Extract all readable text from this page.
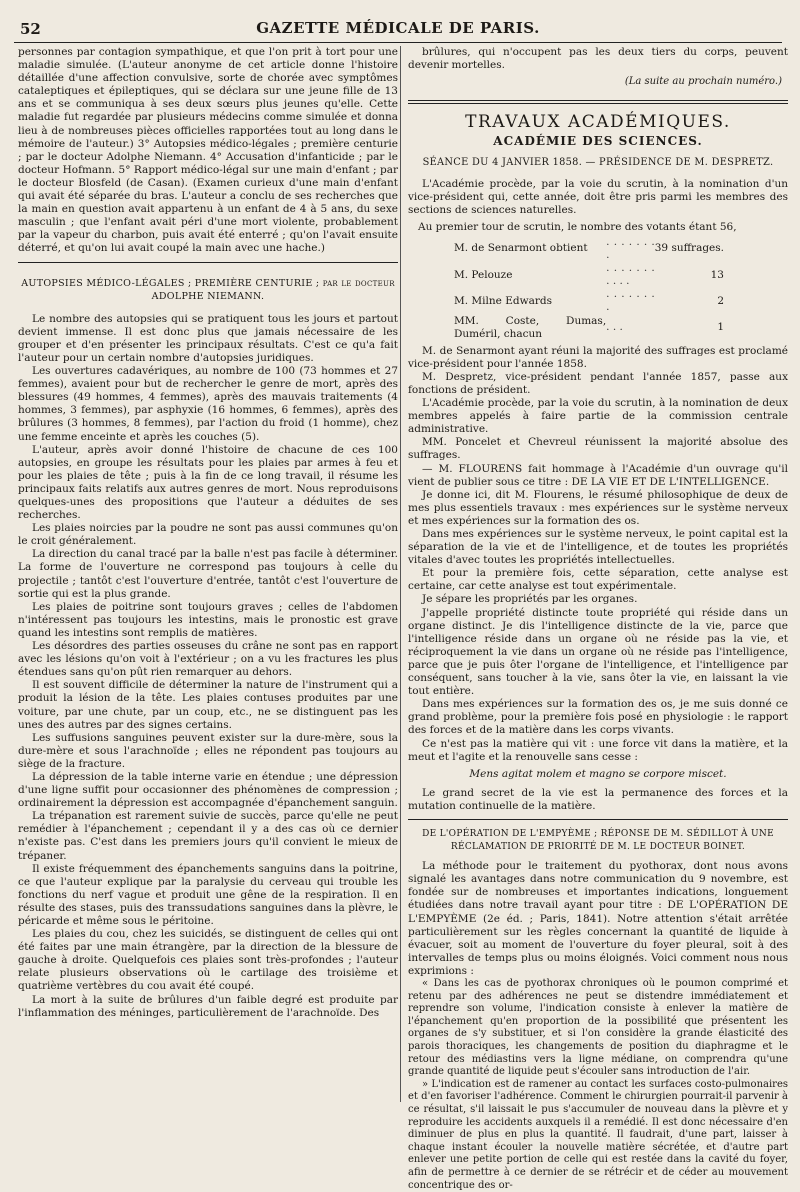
52	GAZETTE MÉDICALE DE PARIS.

personnes par contagion sympathique, et que l'on prit à tort pour une maladie simulée. (L'auteur anonyme de cet article donne l'histoire détaillée d'une affection convulsive, sorte de chorée avec symptômes cataleptiques et épileptiques, qui se déclara sur une jeune fille de 13 ans et se communiqua à ses deux sœurs plus jeunes qu'elle. Cette maladie fut regardée par plusieurs médecins comme simulée et donna lieu à de nombreuses pièces officielles rapportées tout au long dans le mémoire de l'auteur.) 3° Autopsies médico-légales ; première centurie ; par le docteur Adolphe Niemann. 4° Accusation d'infanticide ; par le docteur Hofmann. 5° Rapport médico-légal sur une main d'enfant ; par le docteur Blosfeld (de Casan). (Examen curieux d'une main d'enfant qui avait été séparée du bras. L'auteur a conclu de ses recherches que la main en question avait appartenu à un enfant de 4 à 5 ans, du sexe masculin ; que l'enfant avait péri d'une mort violente, probablement par la vapeur du charbon, puis avait été enterré ; qu'on l'avait ensuite déterré, et qu'on lui avait coupé la main avec une hache.)

AUTOPSIES MÉDICO-LÉGALES ; PREMIÈRE CENTURIE ; par le docteur ADOLPHE NIEMANN.

Le nombre des autopsies qui se pratiquent tous les jours et partout devient immense. Il est donc plus que jamais nécessaire de les grouper et d'en présenter les principaux résultats. C'est ce qu'a fait l'auteur pour un certain nombre d'autopsies juridiques.

Les ouvertures cadavériques, au nombre de 100 (73 hommes et 27 femmes), avaient pour but de rechercher le genre de mort, après des blessures (49 hommes, 4 femmes), après des mauvais traitements (4 hommes, 3 femmes), par asphyxie (16 hommes, 6 femmes), après des brûlures (3 hommes, 8 femmes), par l'action du froid (1 homme), chez une femme enceinte et après les couches (5).

L'auteur, après avoir donné l'histoire de chacune de ces 100 autopsies, en groupe les résultats pour les plaies par armes à feu et pour les plaies de tête ; puis à la fin de ce long travail, il résume les principaux faits relatifs aux autres genres de mort. Nous reproduisons quelques-unes des propositions que l'auteur a déduites de ses recherches.

Les plaies noircies par la poudre ne sont pas aussi communes qu'on le croit généralement.

La direction du canal tracé par la balle n'est pas facile à déterminer. La forme de l'ouverture ne correspond pas toujours à celle du projectile ; tantôt c'est l'ouverture d'entrée, tantôt c'est l'ouverture de sortie qui est la plus grande.

Les plaies de poitrine sont toujours graves ; celles de l'abdomen n'intéressent pas toujours les intestins, mais le pronostic est grave quand les intestins sont remplis de matières.

Les désordres des parties osseuses du crâne ne sont pas en rapport avec les lésions qu'on voit à l'extérieur ; on a vu les fractures les plus étendues sans qu'on pût rien remarquer au dehors.

Il est souvent difficile de déterminer la nature de l'instrument qui a produit la lésion de la tête. Les plaies contuses produites par une voiture, par une chute, par un coup, etc., ne se distinguent pas les unes des autres par des signes certains.

Les suffusions sanguines peuvent exister sur la dure-mère, sous la dure-mère et sous l'arachnoïde ; elles ne répondent pas toujours au siège de la fracture.

La dépression de la table interne varie en étendue ; une dépression d'une ligne suffit pour occasionner des phénomènes de compression ; ordinairement la dépression est accompagnée d'épanchement sanguin.

La trépanation est rarement suivie de succès, parce qu'elle ne peut remédier à l'épanchement ; cependant il y a des cas où ce dernier n'existe pas. C'est dans les premiers jours qu'il convient le mieux de trépaner.

Il existe fréquemment des épanchements sanguins dans la poitrine, ce que l'auteur explique par la paralysie du cerveau qui trouble les fonctions du nerf vague et produit une gêne de la respiration. Il en résulte des stases, puis des transsudations sanguines dans la plèvre, le péricarde et même sous le péritoine.

Les plaies du cou, chez les suicidés, se distinguent de celles qui ont été faites par une main étrangère, par la direction de la blessure de gauche à droite. Quelquefois ces plaies sont très-profondes ; l'auteur relate plusieurs observations où le cartilage des troisième et quatrième vertèbres du cou avait été coupé.

La mort à la suite de brûlures d'un faible degré est produite par l'inflammation des méninges, particulièrement de l'arachnoïde. Des

brûlures, qui n'occupent pas les deux tiers du corps, peuvent devenir mortelles.

(La suite au prochain numéro.)

TRAVAUX ACADÉMIQUES.

ACADÉMIE DES SCIENCES.

SÉANCE DU 4 JANVIER 1858. — PRÉSIDENCE DE M. DESPRETZ.

L'Académie procède, par la voie du scrutin, à la nomination d'un vice-président qui, cette année, doit être pris parmi les membres des sections de sciences naturelles.

Au premier tour de scrutin, le nombre des votants étant 56,

M. de Senarmont obtient	. . . . . . . .	39 suffrages.
M. Pelouze	. . . . . . . . . . .	13
M. Milne Edwards	. . . . . . . .	2
MM. Coste, Dumas, Duméril, chacun	. . .	1

M. de Senarmont ayant réuni la majorité des suffrages est proclamé vice-président pour l'année 1858.

M. Despretz, vice-président pendant l'année 1857, passe aux fonctions de président.

L'Académie procède, par la voie du scrutin, à la nomination de deux membres appelés à faire partie de la commission centrale administrative.

MM. Poncelet et Chevreul réunissent la majorité absolue des suffrages.

— M. FLOURENS fait hommage à l'Académie d'un ouvrage qu'il vient de publier sous ce titre : DE LA VIE ET DE L'INTELLIGENCE.

Je donne ici, dit M. Flourens, le résumé philosophique de deux de mes plus essentiels travaux : mes expériences sur le système nerveux et mes expériences sur la formation des os.

Dans mes expériences sur le système nerveux, le point capital est la séparation de la vie et de l'intelligence, et de toutes les propriétés vitales d'avec toutes les propriétés intellectuelles.

Et pour la première fois, cette séparation, cette analyse est certaine, car cette analyse est tout expérimentale.

Je sépare les propriétés par les organes.

J'appelle propriété distincte toute propriété qui réside dans un organe distinct. Je dis l'intelligence distincte de la vie, parce que l'intelligence réside dans un organe où ne réside pas la vie, et réciproquement la vie dans un organe où ne réside pas l'intelligence, parce que je puis ôter l'organe de l'intelligence, et l'intelligence par conséquent, sans toucher à la vie, sans ôter la vie, en laissant la vie tout entière.

Dans mes expériences sur la formation des os, je me suis donné ce grand problème, pour la première fois posé en physiologie : le rapport des forces et de la matière dans les corps vivants.

Ce n'est pas la matière qui vit : une force vit dans la matière, et la meut et l'agite et la renouvelle sans cesse :

Mens agitat molem et magno se corpore miscet.

Le grand secret de la vie est la permanence des forces et la mutation continuelle de la matière.

DE L'OPÉRATION DE L'EMPYÈME ; RÉPONSE DE M. SÉDILLOT À UNE RÉCLAMATION DE PRIORITÉ DE M. LE DOCTEUR BOINET.

La méthode pour le traitement du pyothorax, dont nous avons signalé les avantages dans notre communication du 9 novembre, est fondée sur de nombreuses et importantes indications, longuement étudiées dans notre travail ayant pour titre : DE L'OPÉRATION DE L'EMPYÈME (2e éd. ; Paris, 1841). Notre attention s'était arrêtée particulièrement sur les règles concernant la quantité de liquide à évacuer, soit au moment de l'ouverture du foyer pleural, soit à des intervalles de temps plus ou moins éloignés. Voici comment nous nous exprimions :

« Dans les cas de pyothorax chroniques où le poumon comprimé et retenu par des adhérences ne peut se distendre immédiatement et reprendre son volume, l'indication consiste à enlever la matière de l'épanchement qu'en proportion de la possibilité que présentent les organes de s'y substituer, et si l'on considère la grande élasticité des parois thoraciques, les changements de position du diaphragme et le retour des médiastins vers la ligne médiane, on comprendra qu'une grande quantité de liquide peut s'écouler sans introduction de l'air.

» L'indication est de ramener au contact les surfaces costo-pulmonaires et d'en favoriser l'adhérence. Comment le chirurgien pourrait-il parvenir à ce résultat, s'il laissait le pus s'accumuler de nouveau dans la plèvre et y reproduire les accidents auxquels il a remédié. Il est donc nécessaire d'en diminuer de plus en plus la quantité. Il faudrait, d'une part, laisser à chaque instant écouler la nouvelle matière sécrétée, et d'autre part enlever une petite portion de celle qui est restée dans la cavité du foyer, afin de permettre à ce dernier de se rétrécir et de céder au mouvement concentrique des or-
